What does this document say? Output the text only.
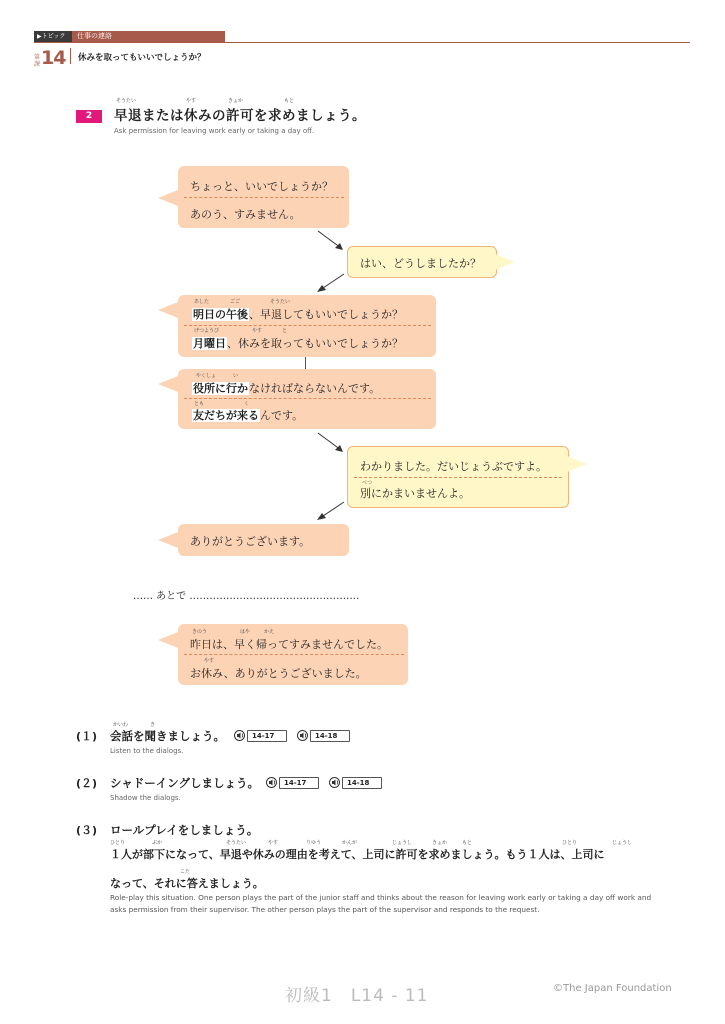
▶トピック	仕事の連絡
第
課 14 休みを取ってもいいでしょうか？
2
そうたい	やす	きょか	もと
早退または休みの許可を求めましょう。
Ask permission for leaving work early or taking a day off.
ちょっと、いいでしょうか？
あのう、すみません。
はい、どうしましたか？
あした	ごご	そうたい
明日の午後、早退してもいいでしょうか？
げつようび	やす	と
月曜日、休みを取ってもいいでしょうか？
やくしょ	い
役所に行かなければならないんです。
とも	く
友だちが来るんです。
わかりました。だいじょうぶですよ。
べつ
別にかまいませんよ。
ありがとうございます。
…… あとで ……………………………………………
きのう	はや	かえ
昨日は、早く帰ってすみませんでした。
やす
お休み、ありがとうございました。
(１)
かいわ	き
会話を聞きましょう。	14-17	14-18
Listen to the dialogs.
(２) シャドーイングしましょう。	14-17	14-18
Shadow the dialogs.
(３) ロールプレイをしましょう。
ひとり	ぶか	そうたい	やす	りゆう	かんが	じょうし	きょか	もと	ひとり	じょうし
１人が部下になって、早退や休みの理由を考えて、上司に許可を求めましょう。もう１人は、上司に
こた
なって、それに答えましょう。
Role-play this situation. One person plays the part of the junior staff and thinks about the reason for leaving work early or taking a day off work and asks permission from their supervisor. The other person plays the part of the supervisor and responds to the request.
初級1　L14 - 11	©The Japan Foundation
